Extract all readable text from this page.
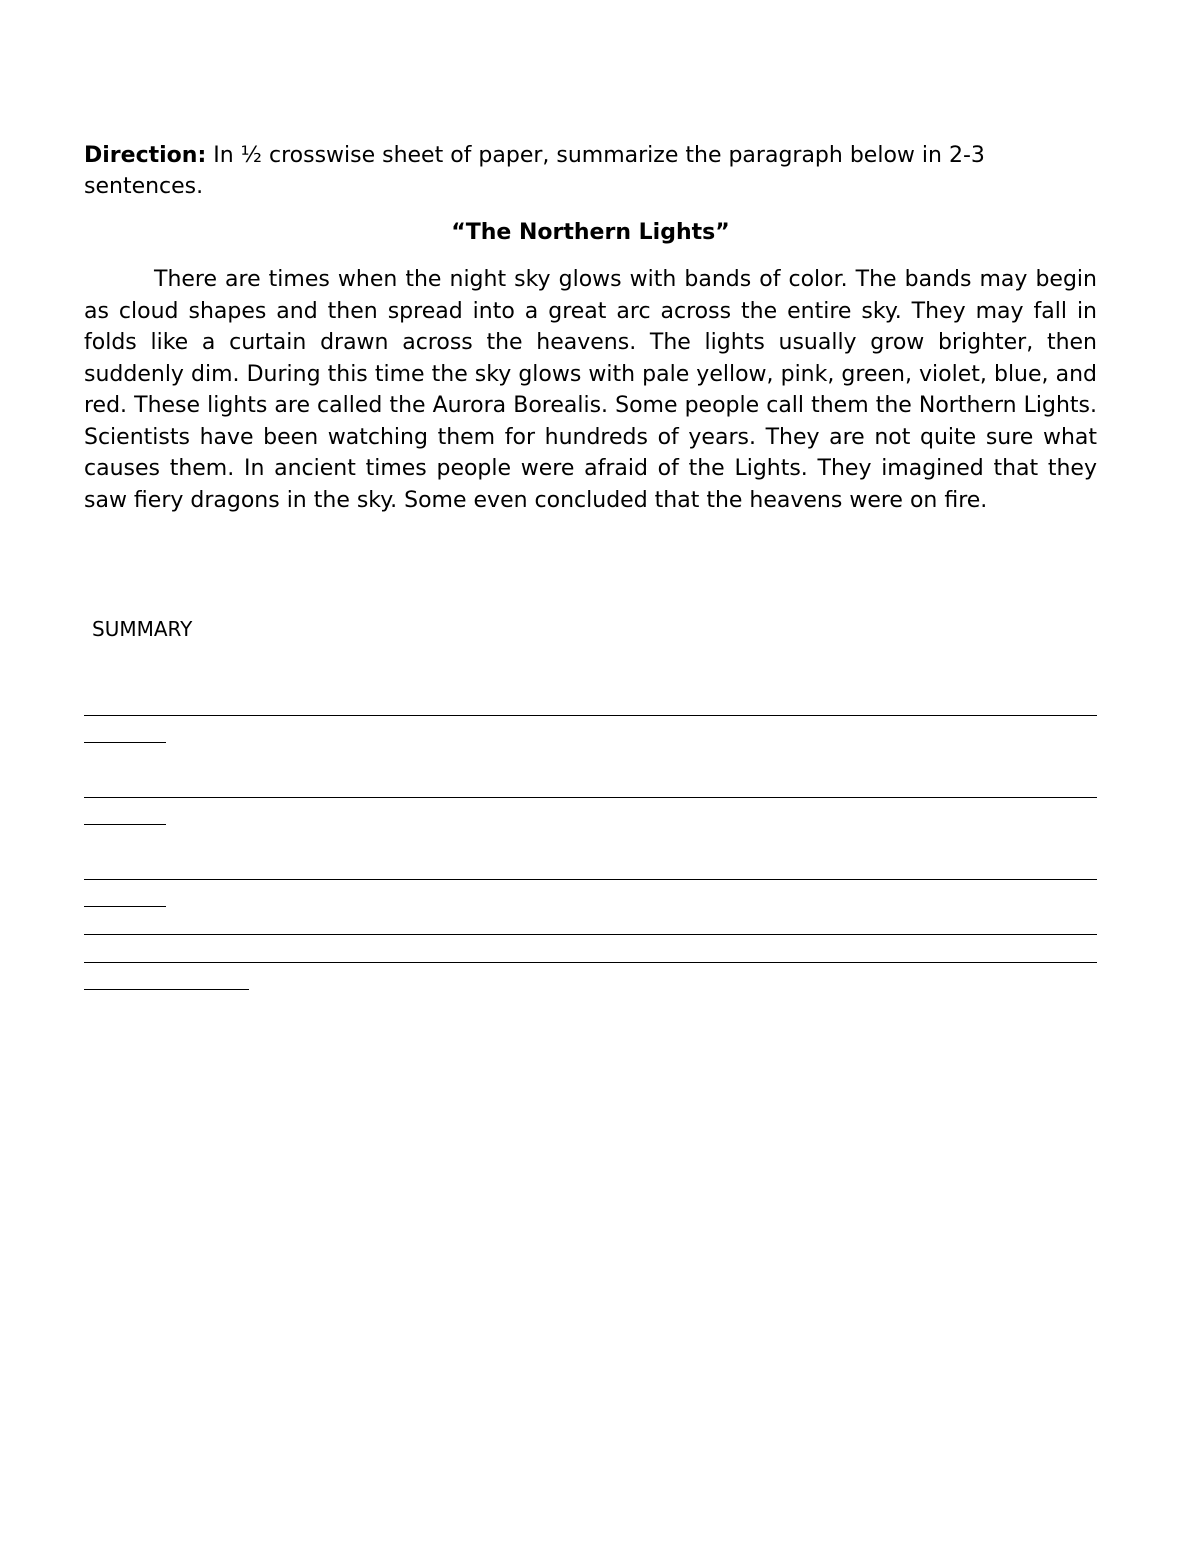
Direction: In ½ crosswise sheet of paper, summarize the paragraph below in 2-3 sentences.

“The Northern Lights”

There are times when the night sky glows with bands of color. The bands may begin as cloud shapes and then spread into a great arc across the entire sky. They may fall in folds like a curtain drawn across the heavens. The lights usually grow brighter, then suddenly dim. During this time the sky glows with pale yellow, pink, green, violet, blue, and red. These lights are called the Aurora Borealis. Some people call them the Northern Lights. Scientists have been watching them for hundreds of years. They are not quite sure what causes them. In ancient times people were afraid of the Lights. They imagined that they saw fiery dragons in the sky. Some even concluded that the heavens were on fire.

SUMMARY
